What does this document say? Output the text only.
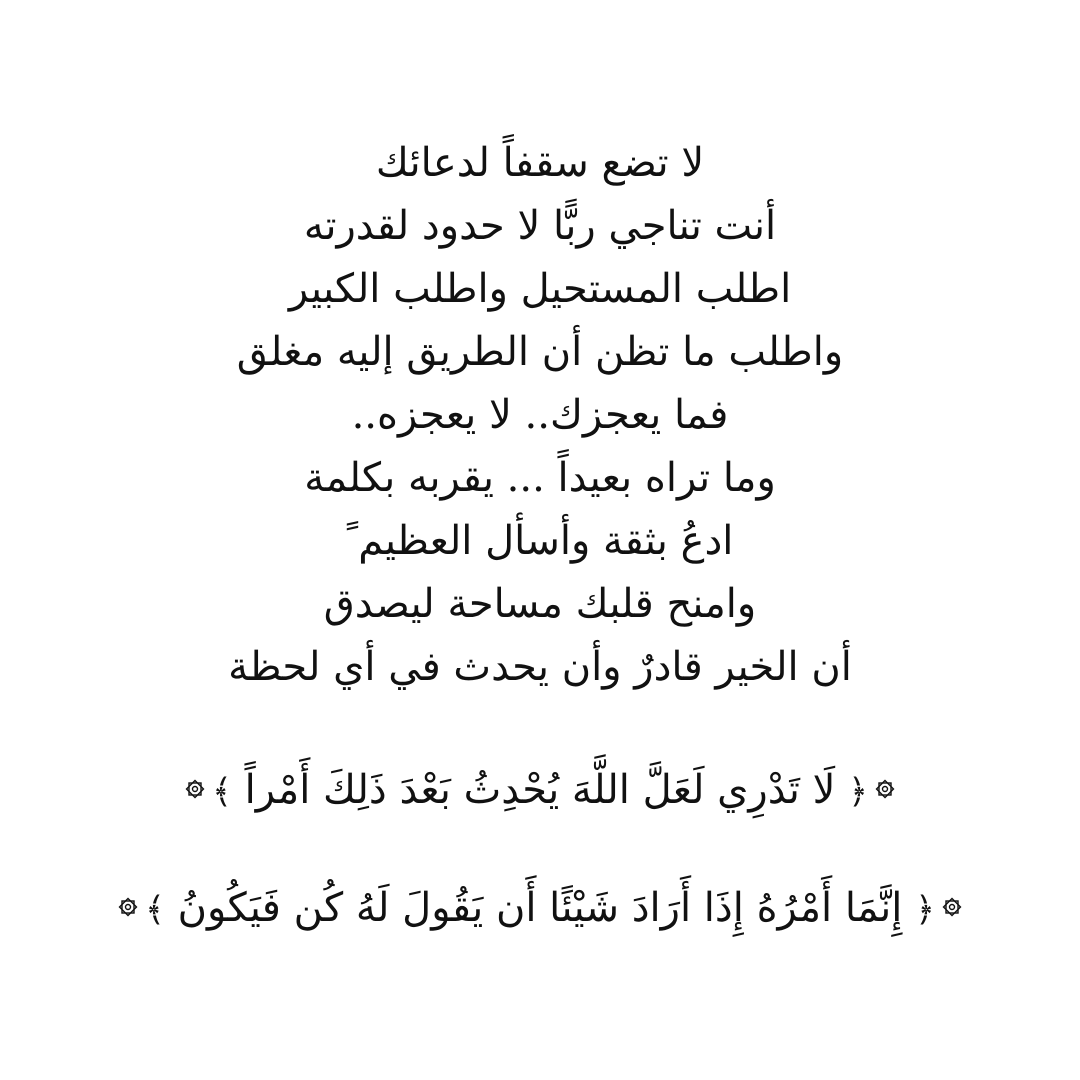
لا تضع سقفاً لدعائك
أنت تناجي ربًّا لا حدود لقدرته
اطلب المستحيل واطلب الكبير
واطلب ما تظن أن الطريق إليه مغلق
فما يعجزك.. لا يعجزه..
وما تراه بعيداً ... يقربه بكلمة
ادعُ بثقة وأسأل العظيم ً
وامنح قلبك مساحة ليصدق
أن الخير قادرٌ وأن يحدث في أي لحظة
﴿ لَا تَدْرِي لَعَلَّ اللَّهَ يُحْدِثُ بَعْدَ ذَلِكَ أَمْراً ﴾
﴿ إِنَّمَا أَمْرُهُ إِذَا أَرَادَ شَيْئًا أَن يَقُولَ لَهُ كُن فَيَكُونُ ﴾
